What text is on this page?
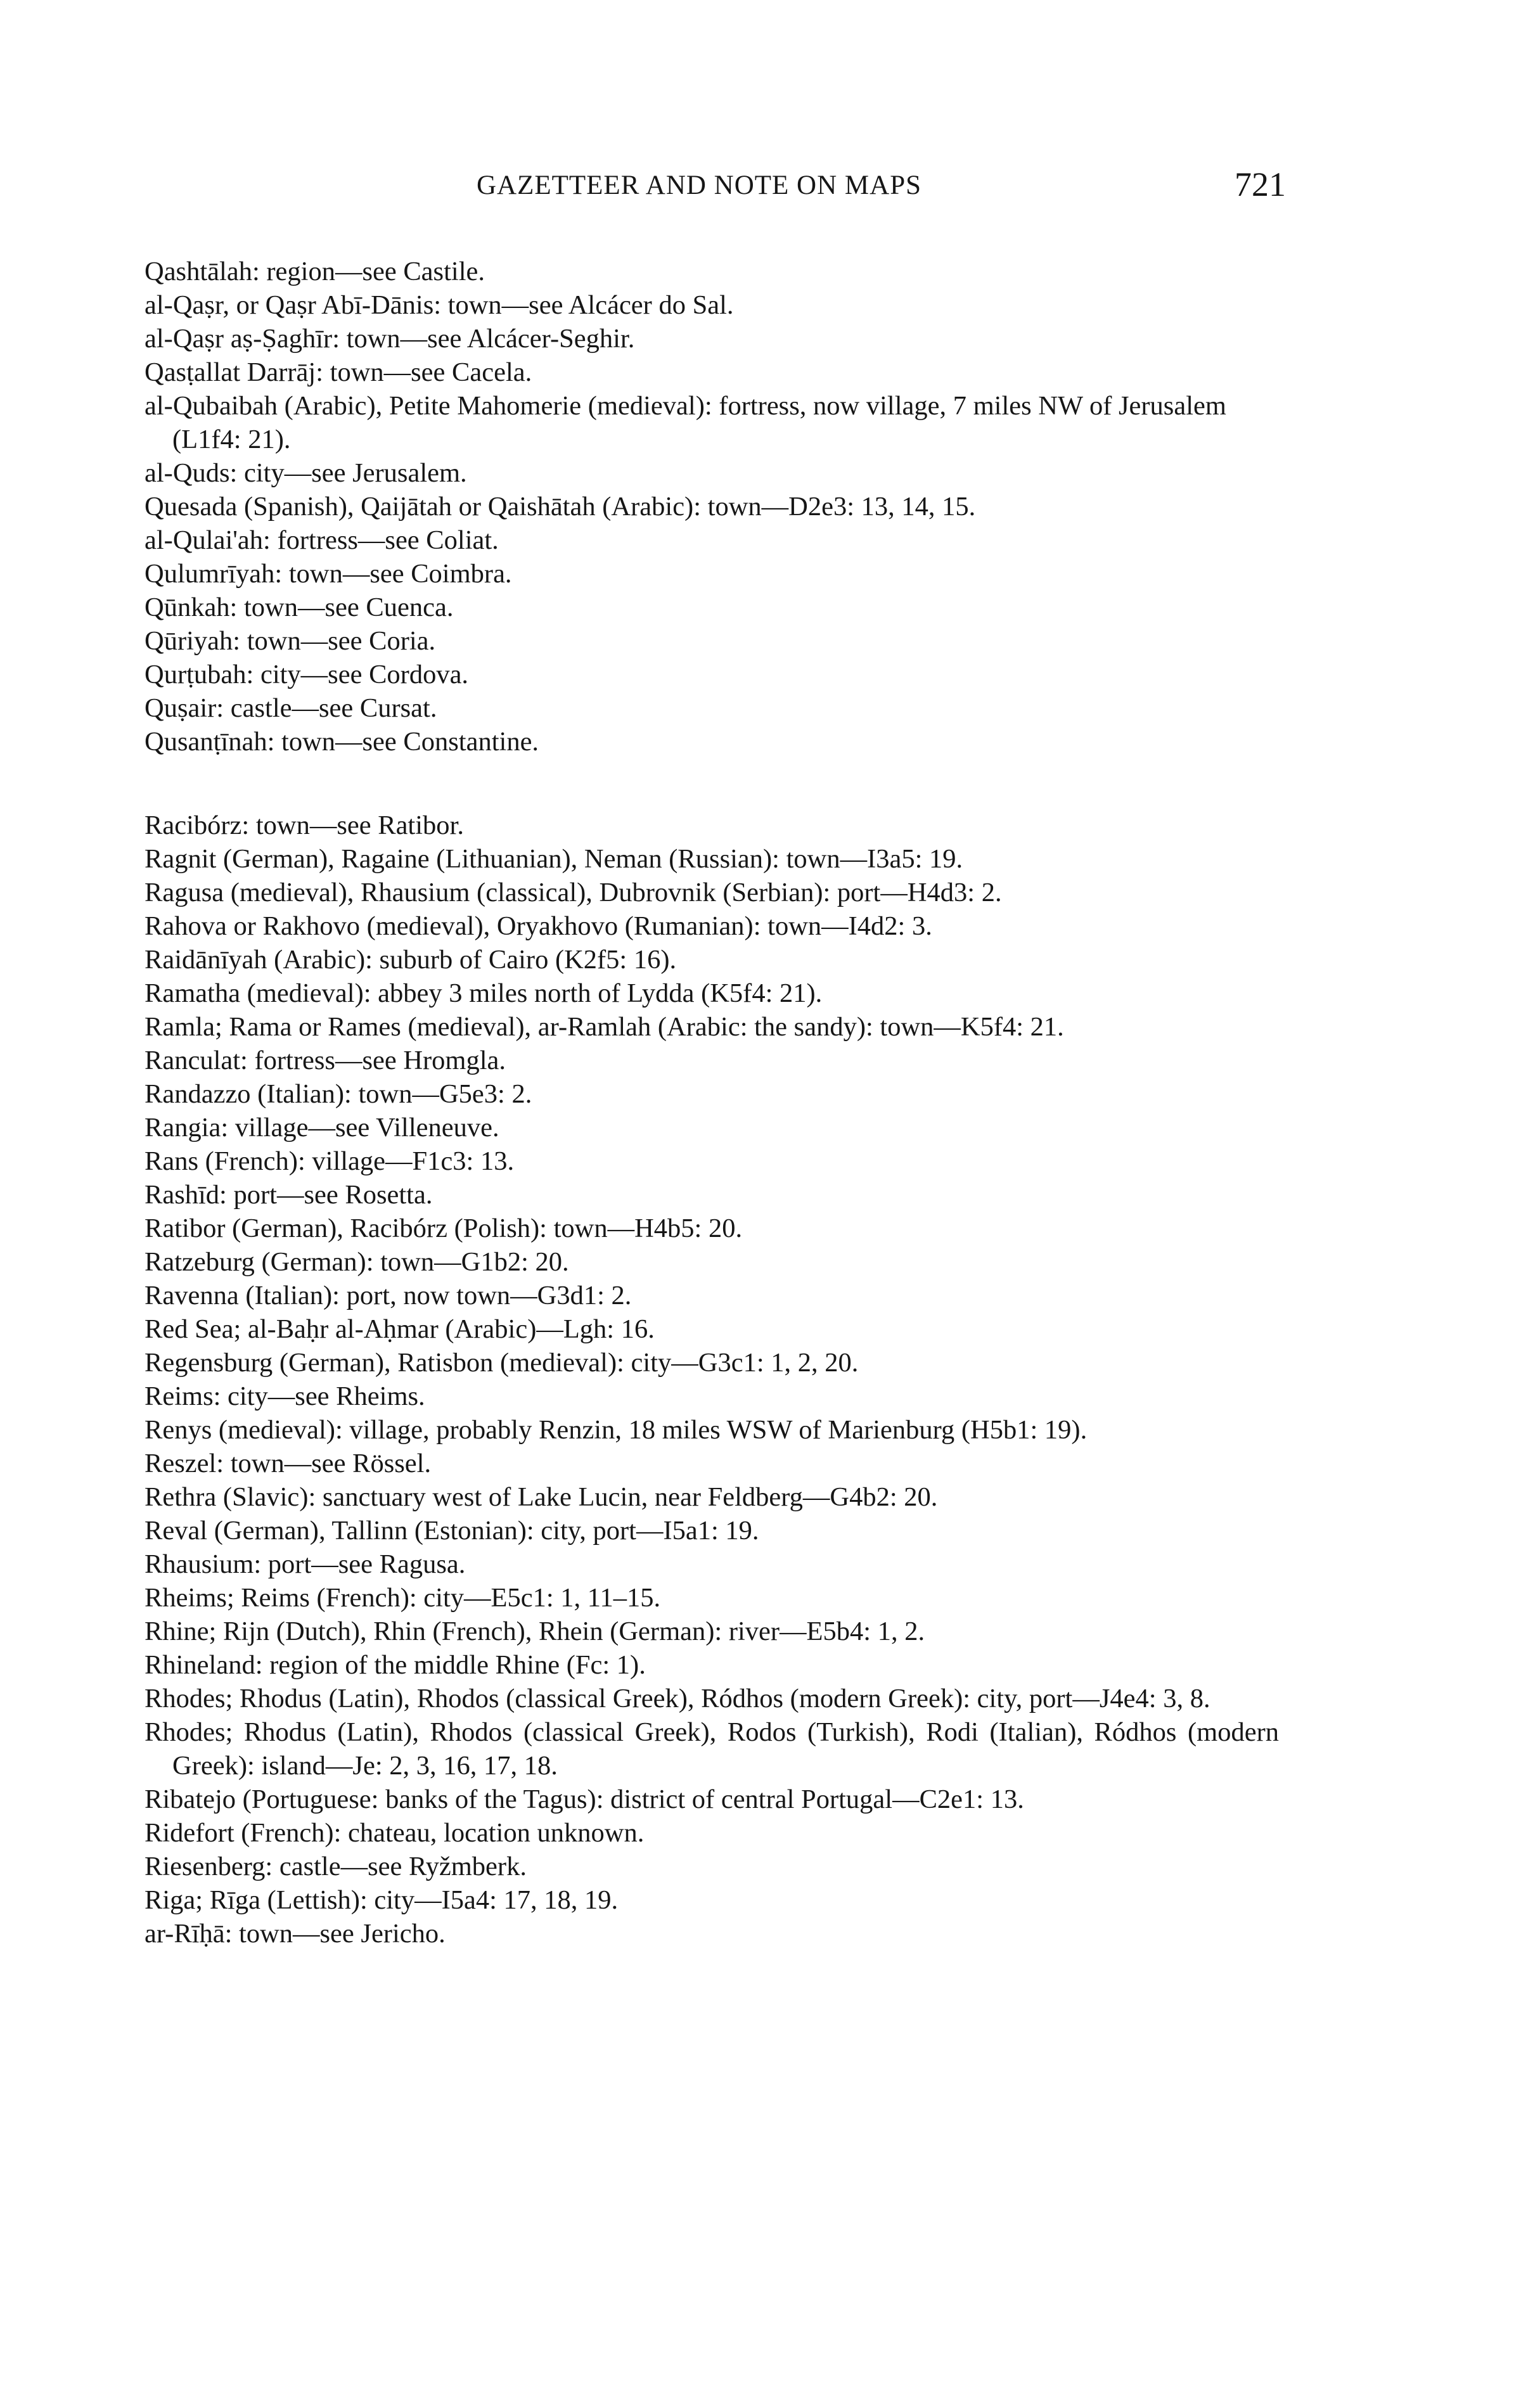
GAZETTEER AND NOTE ON MAPS	721

Qashtālah: region—see Castile.

al-Qaṣr, or Qaṣr Abī-Dānis: town—see Alcácer do Sal.

al-Qaṣr aṣ-Ṣaghīr: town—see Alcácer-Seghir.

Qasṭallat Darrāj: town—see Cacela.

al-Qubaibah (Arabic), Petite Mahomerie (medieval): fortress, now village, 7 miles NW of Jerusalem (L1f4: 21).

al-Quds: city—see Jerusalem.

Quesada (Spanish), Qaijātah or Qaishātah (Arabic): town—D2e3: 13, 14, 15.

al-Qulai'ah: fortress—see Coliat.

Qulumrīyah: town—see Coimbra.

Qūnkah: town—see Cuenca.

Qūriyah: town—see Coria.

Qurṭubah: city—see Cordova.

Quṣair: castle—see Cursat.

Qusanṭīnah: town—see Constantine.

Racibórz: town—see Ratibor.

Ragnit (German), Ragaine (Lithuanian), Neman (Russian): town—I3a5: 19.

Ragusa (medieval), Rhausium (classical), Dubrovnik (Serbian): port—H4d3: 2.

Rahova or Rakhovo (medieval), Oryakhovo (Rumanian): town—I4d2: 3.

Raidānīyah (Arabic): suburb of Cairo (K2f5: 16).

Ramatha (medieval): abbey 3 miles north of Lydda (K5f4: 21).

Ramla; Rama or Rames (medieval), ar-Ramlah (Arabic: the sandy): town—K5f4: 21.

Ranculat: fortress—see Hromgla.

Randazzo (Italian): town—G5e3: 2.

Rangia: village—see Villeneuve.

Rans (French): village—F1c3: 13.

Rashīd: port—see Rosetta.

Ratibor (German), Racibórz (Polish): town—H4b5: 20.

Ratzeburg (German): town—G1b2: 20.

Ravenna (Italian): port, now town—G3d1: 2.

Red Sea; al-Baḥr al-Aḥmar (Arabic)—Lgh: 16.

Regensburg (German), Ratisbon (medieval): city—G3c1: 1, 2, 20.

Reims: city—see Rheims.

Renys (medieval): village, probably Renzin, 18 miles WSW of Marienburg (H5b1: 19).

Reszel: town—see Rössel.

Rethra (Slavic): sanctuary west of Lake Lucin, near Feldberg—G4b2: 20.

Reval (German), Tallinn (Estonian): city, port—I5a1: 19.

Rhausium: port—see Ragusa.

Rheims; Reims (French): city—E5c1: 1, 11–15.

Rhine; Rijn (Dutch), Rhin (French), Rhein (German): river—E5b4: 1, 2.

Rhineland: region of the middle Rhine (Fc: 1).

Rhodes; Rhodus (Latin), Rhodos (classical Greek), Ródhos (modern Greek): city, port—J4e4: 3, 8.

Rhodes; Rhodus (Latin), Rhodos (classical Greek), Rodos (Turkish), Rodi (Italian), Ródhos (modern Greek): island—Je: 2, 3, 16, 17, 18.

Ribatejo (Portuguese: banks of the Tagus): district of central Portugal—C2e1: 13.

Ridefort (French): chateau, location unknown.

Riesenberg: castle—see Ryžmberk.

Riga; Rīga (Lettish): city—I5a4: 17, 18, 19.

ar-Rīḥā: town—see Jericho.
